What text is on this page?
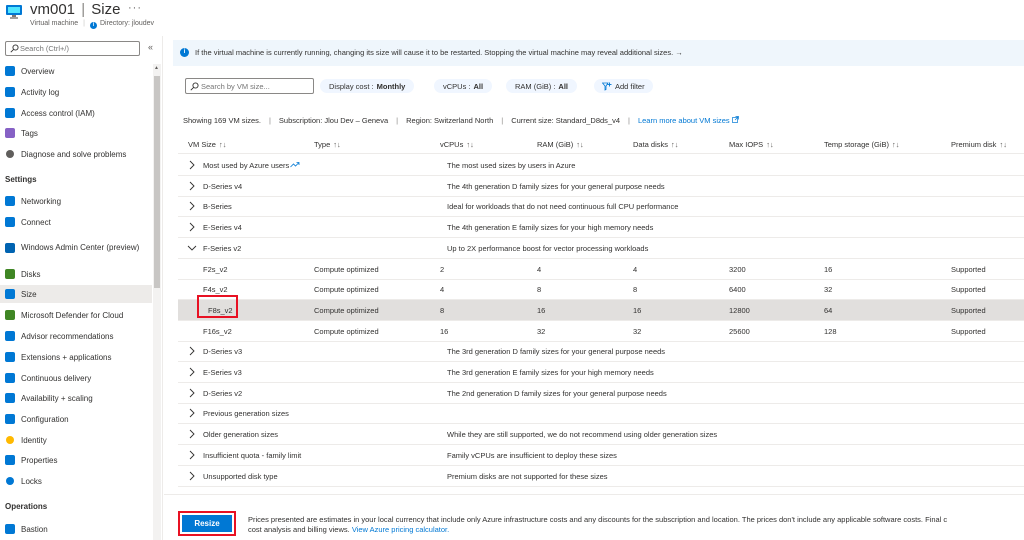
vm001 | Size ···
Virtual machine | i Directory: jloudev
Search (Ctrl+/)
«
▲
Overview
Activity log
Access control (IAM)
Tags
Diagnose and solve problems
Settings
Networking
Connect
Windows Admin Center (preview)
Disks
Size
Microsoft Defender for Cloud
Advisor recommendations
Extensions + applications
Continuous delivery
Availability + scaling
Configuration
Identity
Properties
Locks
Operations
Bastion
i	If the virtual machine is currently running, changing its size will cause it to be restarted. Stopping the virtual machine may reveal additional sizes. →
Search by VM size...
Display cost : Monthly	vCPUs : All	RAM (GiB) : All	Add filter
Showing 169 VM sizes. | Subscription: Jlou Dev – Geneva | Region: Switzerland North | Current size: Standard_D8ds_v4 | Learn more about VM sizes
VM Size ↑↓	Type ↑↓	vCPUs ↑↓	RAM (GiB) ↑↓	Data disks ↑↓	Max IOPS ↑↓	Temp storage (GiB) ↑↓	Premium disk ↑↓
Most used by Azure users	The most used sizes by users in Azure
D-Series v4	The 4th generation D family sizes for your general purpose needs
B-Series	Ideal for workloads that do not need continuous full CPU performance
E-Series v4	The 4th generation E family sizes for your high memory needs
F-Series v2	Up to 2X performance boost for vector processing workloads
F2s_v2	Compute optimized	2	4	4	3200	16	Supported
F4s_v2	Compute optimized	4	8	8	6400	32	Supported
F8s_v2	Compute optimized	8	16	16	12800	64	Supported
F16s_v2	Compute optimized	16	32	32	25600	128	Supported
D-Series v3	The 3rd generation D family sizes for your general purpose needs
E-Series v3	The 3rd generation E family sizes for your high memory needs
D-Series v2	The 2nd generation D family sizes for your general purpose needs
Previous generation sizes
Older generation sizes	While they are still supported, we do not recommend using older generation sizes
Insufficient quota - family limit	Family vCPUs are insufficient to deploy these sizes
Unsupported disk type	Premium disks are not supported for these sizes
Resize	Prices presented are estimates in your local currency that include only Azure infrastructure costs and any discounts for the subscription and location. The prices don't include any applicable software costs. Final c
cost analysis and billing views. View Azure pricing calculator.
